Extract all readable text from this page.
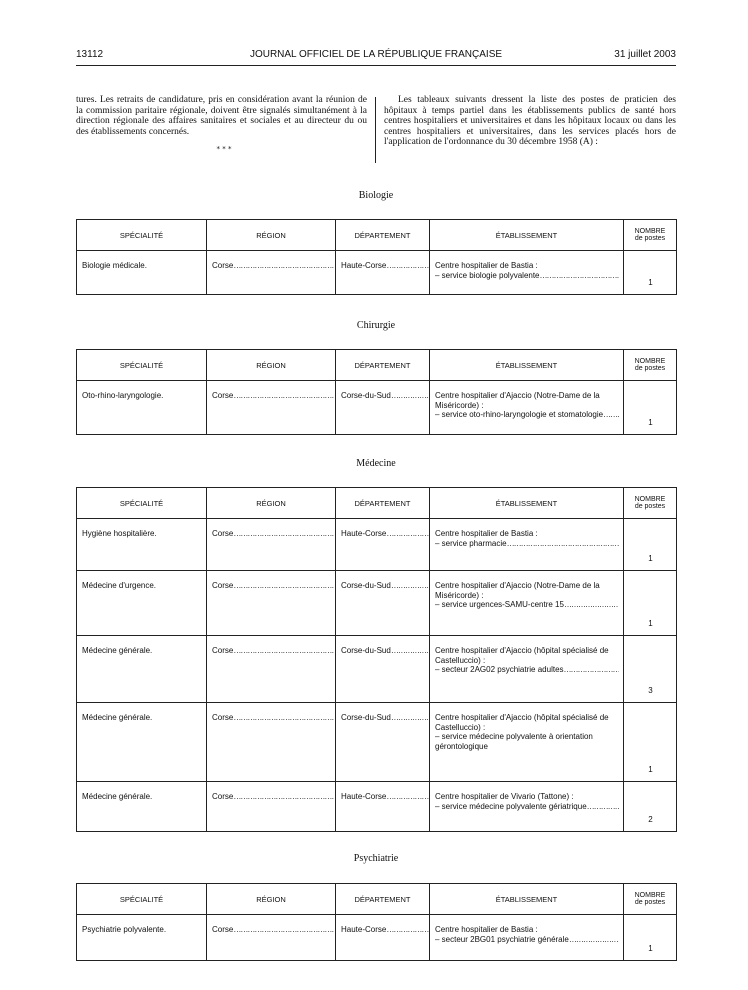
13112	JOURNAL OFFICIEL DE LA RÉPUBLIQUE FRANÇAISE	31 juillet 2003
tures. Les retraits de candidature, pris en considération avant la réunion de la commission paritaire régionale, doivent être signalés simultanément à la direction régionale des affaires sanitaires et sociales et au directeur du ou des établissements concernés.
Les tableaux suivants dressent la liste des postes de praticien des hôpitaux à temps partiel dans les établissements publics de santé hors centres hospitaliers et universitaires et dans les hôpitaux locaux ou dans les centres hospitaliers et universitaires, dans les services placés hors de l'application de l'ordonnance du 30 décembre 1958 (A) :
* * *
Biologie
SPÉCIALITÉ	RÉGION	DÉPARTEMENT	ÉTABLISSEMENT	NOMBRE
de postes
Biologie médicale.	Corse ……………………………………………………………………………………………………………	Haute-Corse ……………………………………………………………………………………………………………	Centre hospitalier de Bastia :
– service biologie polyvalente ……………………………………………………………………………………………………………	1
Chirurgie
SPÉCIALITÉ	RÉGION	DÉPARTEMENT	ÉTABLISSEMENT	NOMBRE
de postes
Oto-rhino-laryngologie.	Corse ……………………………………………………………………………………………………………	Corse-du-Sud ……………………………………………………………………………………………………………	Centre hospitalier d'Ajaccio (Notre-Dame de la Miséricorde) :
– service oto-rhino-laryngologie et stomatologie ……………………………………………………………………………………………………………	1
Médecine
SPÉCIALITÉ	RÉGION	DÉPARTEMENT	ÉTABLISSEMENT	NOMBRE
de postes
Hygiène hospitalière.	Corse ……………………………………………………………………………………………………………	Haute-Corse ……………………………………………………………………………………………………………	Centre hospitalier de Bastia :
– service pharmacie ……………………………………………………………………………………………………………	1
Médecine d'urgence.	Corse ……………………………………………………………………………………………………………	Corse-du-Sud ……………………………………………………………………………………………………………	Centre hospitalier d'Ajaccio (Notre-Dame de la Miséricorde) :
– service urgences-SAMU-centre 15 ……………………………………………………………………………………………………………	1
Médecine générale.	Corse ……………………………………………………………………………………………………………	Corse-du-Sud ……………………………………………………………………………………………………………	Centre hospitalier d'Ajaccio (hôpital spécialisé de Castelluccio) :
– secteur 2AG02 psychiatrie adultes ……………………………………………………………………………………………………………	3
Médecine générale.	Corse ……………………………………………………………………………………………………………	Corse-du-Sud ……………………………………………………………………………………………………………	Centre hospitalier d'Ajaccio (hôpital spécialisé de Castelluccio) :
– service médecine polyvalente à orientation gérontologique	1
Médecine générale.	Corse ……………………………………………………………………………………………………………	Haute-Corse ……………………………………………………………………………………………………………	Centre hospitalier de Vivario (Tattone) :
– service médecine polyvalente gériatrique ……………………………………………………………………………………………………………	2
Psychiatrie
SPÉCIALITÉ	RÉGION	DÉPARTEMENT	ÉTABLISSEMENT	NOMBRE
de postes
Psychiatrie polyvalente.	Corse ……………………………………………………………………………………………………………	Haute-Corse ……………………………………………………………………………………………………………	Centre hospitalier de Bastia :
– secteur 2BG01 psychiatrie générale ……………………………………………………………………………………………………………	1
